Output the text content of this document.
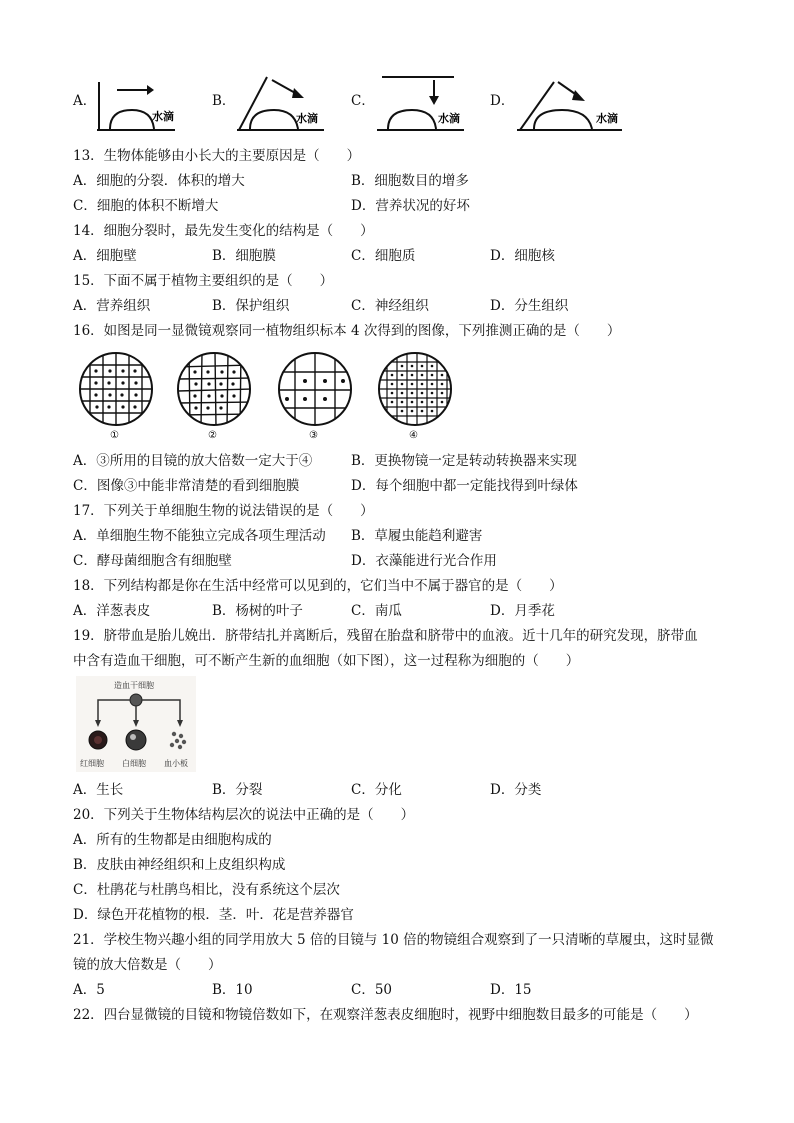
A．
水滴
B．
水滴
C．
水滴
D．
水滴
13．生物体能够由小长大的主要原因是（　　）
A．细胞的分裂．体积的增大	B．细胞数目的增多
C．细胞的体积不断增大	D．营养状况的好坏
14．细胞分裂时，最先发生变化的结构是（　　）
A．细胞壁	B．细胞膜	C．细胞质	D．细胞核
15．下面不属于植物主要组织的是（　　）
A．营养组织	B．保护组织	C．神经组织	D．分生组织
16．如图是同一显微镜观察同一植物组织标本 4 次得到的图像，下列推测正确的是（　　）
①	②	③	④
A．③所用的目镜的放大倍数一定大于④	B．更换物镜一定是转动转换器来实现
C．图像③中能非常清楚的看到细胞膜	D．每个细胞中都一定能找得到叶绿体
17．下列关于单细胞生物的说法错误的是（　　）
A．单细胞生物不能独立完成各项生理活动 B．草履虫能趋利避害
C．酵母菌细胞含有细胞壁	D．衣藻能进行光合作用
18．下列结构都是你在生活中经常可以见到的，它们当中不属于器官的是（　　）
A．洋葱表皮	B．杨树的叶子	C．南瓜	D．月季花
19．脐带血是胎儿娩出．脐带结扎并离断后，残留在胎盘和脐带中的血液。近十几年的研究发现，脐带血
中含有造血干细胞，可不断产生新的血细胞（如下图），这一过程称为细胞的（　　）
造血干细胞
红细胞 白细胞 血小板
A．生长	B．分裂	C．分化	D．分类
20．下列关于生物体结构层次的说法中正确的是（　　）
A．所有的生物都是由细胞构成的
B．皮肤由神经组织和上皮组织构成
C．杜鹃花与杜鹃鸟相比，没有系统这个层次
D．绿色开花植物的根．茎．叶．花是营养器官
21．学校生物兴趣小组的同学用放大 5 倍的目镜与 10 倍的物镜组合观察到了一只清晰的草履虫，这时显微
镜的放大倍数是（　　）
A．5	B．10	C．50	D．15
22．四台显微镜的目镜和物镜倍数如下，在观察洋葱表皮细胞时，视野中细胞数目最多的可能是（　　）
